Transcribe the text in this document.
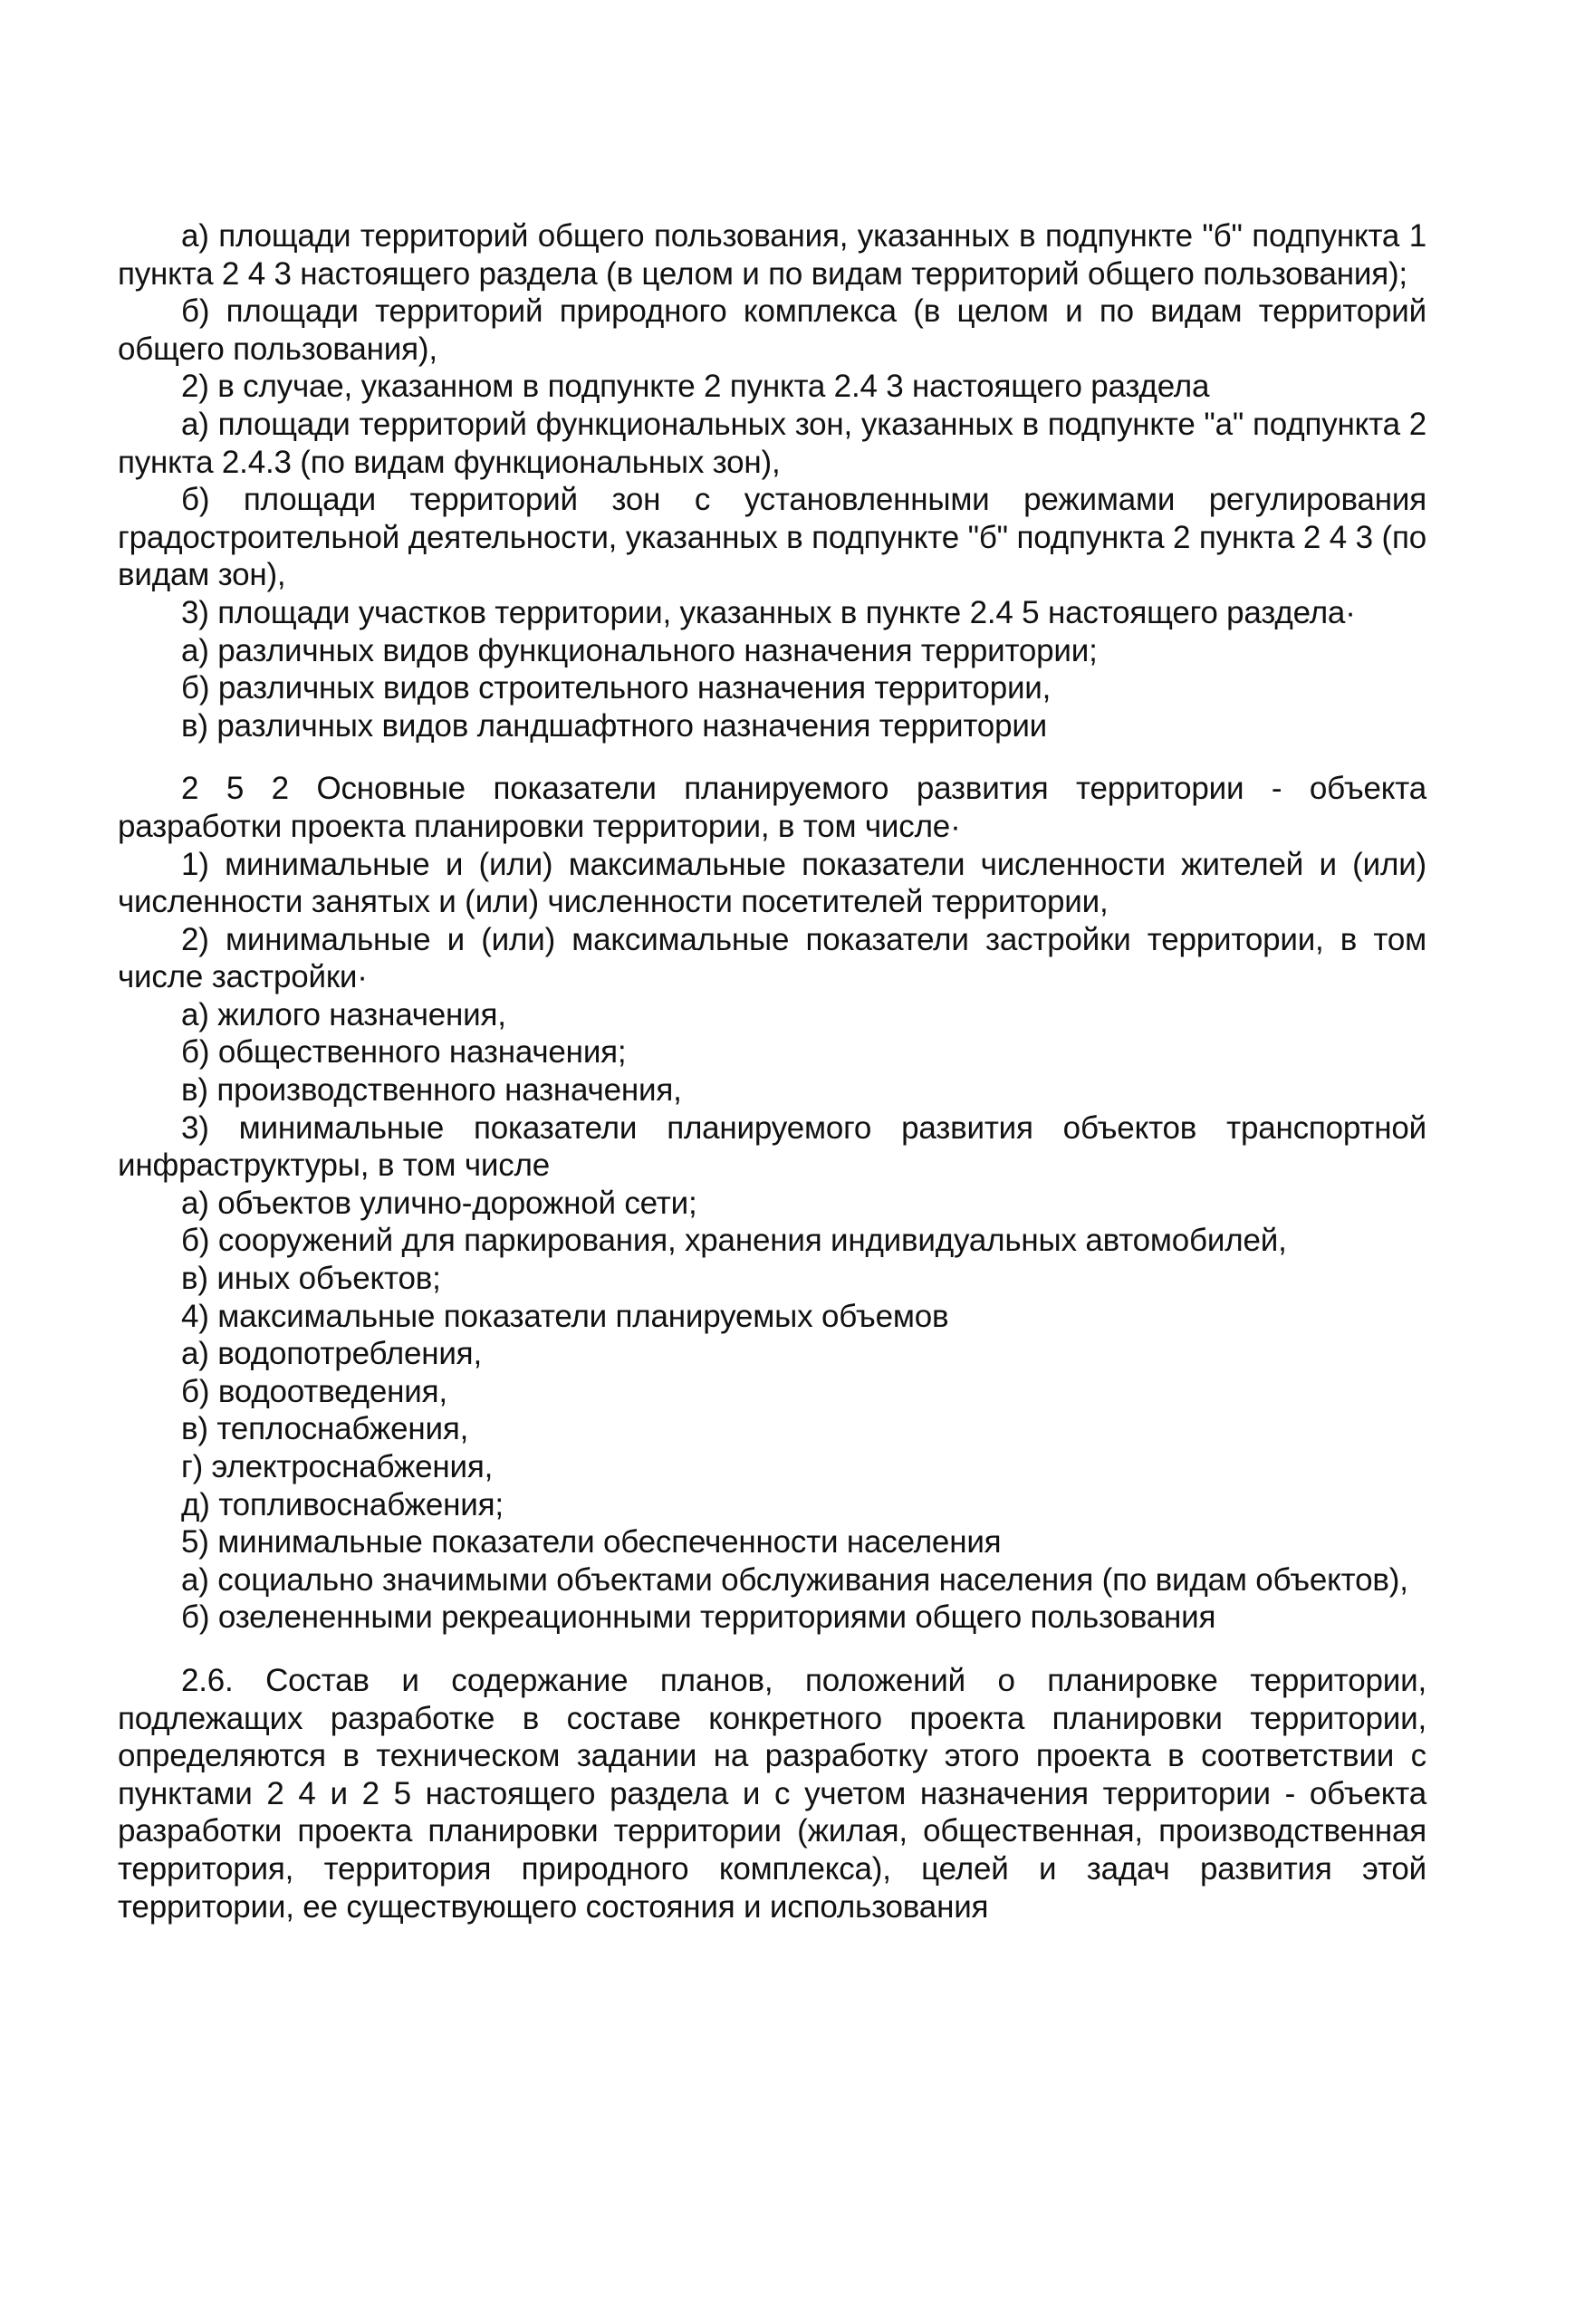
а) площади территорий общего пользования, указанных в подпункте "б" подпункта 1 пункта 2 4 3 настоящего раздела (в целом и по видам территорий общего пользования);

б) площади территорий природного комплекса (в целом и по видам территорий общего пользования),

2) в случае, указанном в подпункте 2 пункта 2.4 3 настоящего раздела

а) площади территорий функциональных зон, указанных в подпункте "а" подпункта 2 пункта 2.4.3 (по видам функциональных зон),

б) площади территорий зон с установленными режимами регулирования градостроительной деятельности, указанных в подпункте "б" подпункта 2 пункта 2 4 3 (по видам зон),

3) площади участков территории, указанных в пункте 2.4 5 настоящего раздела·

а) различных видов функционального назначения территории;

б) различных видов строительного назначения территории,

в) различных видов ландшафтного назначения территории

2 5 2 Основные показатели планируемого развития территории - объекта разработки проекта планировки территории, в том числе·

1) минимальные и (или) максимальные показатели численности жителей и (или) численности занятых и (или) численности посетителей территории,

2) минимальные и (или) максимальные показатели застройки территории, в том числе застройки·

а) жилого назначения,

б) общественного назначения;

в) производственного назначения,

3) минимальные показатели планируемого развития объектов транспортной инфраструктуры, в том числе

а) объектов улично-дорожной сети;

б) сооружений для паркирования, хранения индивидуальных автомобилей,

в) иных объектов;

4) максимальные показатели планируемых объемов

а) водопотребления,

б) водоотведения,

в) теплоснабжения,

г) электроснабжения,

д) топливоснабжения;

5) минимальные показатели обеспеченности населения

а) социально значимыми объектами обслуживания населения (по видам объектов),

б) озелененными рекреационными территориями общего пользования

2.6. Состав и содержание планов, положений о планировке территории, подлежащих разработке в составе конкретного проекта планировки территории, определяются в техническом задании на разработку этого проекта в соответствии с пунктами 2 4 и 2 5 настоящего раздела и с учетом назначения территории - объекта разработки проекта планировки территории (жилая, общественная, производственная территория, территория природного комплекса), целей и задач развития этой территории, ее существующего состояния и использования
